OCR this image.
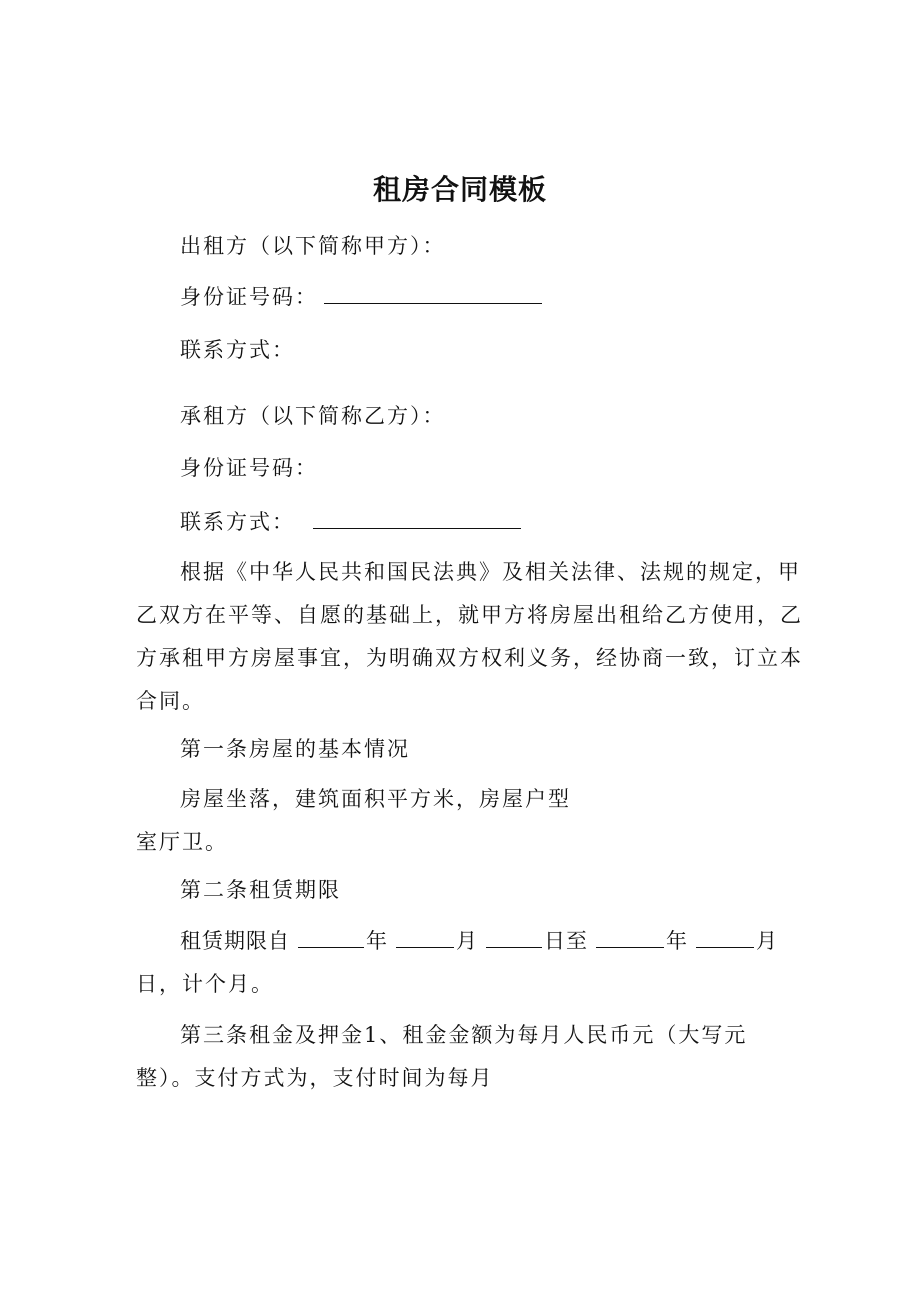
租房合同模板
出租方（以下简称甲方）：
身份证号码：
联系方式：
承租方（以下简称乙方）：
身份证号码：
联系方式：
根据《中华人民共和国民法典》及相关法律、法规的规定，甲乙双方在平等、自愿的基础上，就甲方将房屋出租给乙方使用，乙方承租甲方房屋事宜，为明确双方权利义务，经协商一致，订立本合同。
第一条房屋的基本情况
房屋坐落，建筑面积平方米，房屋户型室厅卫。
第二条租赁期限
租赁期限自	年	月	日至	年	月
日，计个月。
第三条租金及押金1、租金金额为每月人民币元（大写元整）。支付方式为，支付时间为每月
